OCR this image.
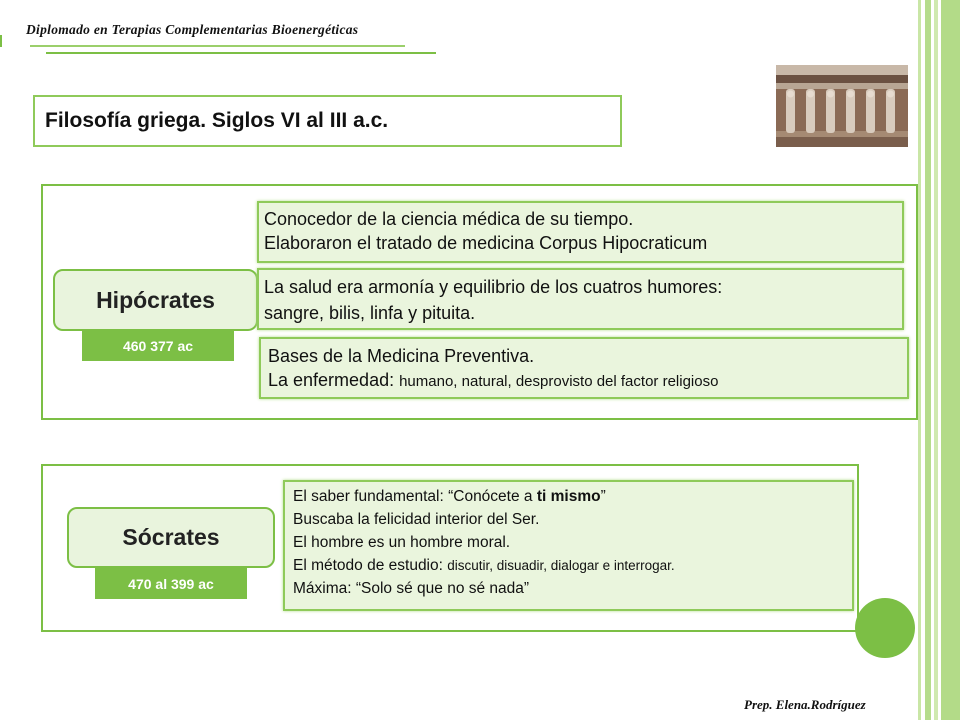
Diplomado en Terapias Complementarias Bioenergéticas
Filosofía griega. Siglos VI al III a.c.
Hipócrates
460 377 ac
Conocedor de la ciencia médica de su tiempo.
Elaboraron el tratado de medicina Corpus Hipocraticum
La salud era armonía y equilibrio de los cuatros humores:
sangre, bilis, linfa y pituita.
Bases de la Medicina Preventiva.
La enfermedad: humano, natural, desprovisto del factor religioso
Sócrates
470 al 399 ac
El saber fundamental: “Conócete a ti mismo”
Buscaba la felicidad interior del Ser.
El hombre es un hombre moral.
El método de estudio: discutir, disuadir, dialogar e interrogar.
Máxima: “Solo sé que no sé nada”
Prep. Elena.Rodríguez
